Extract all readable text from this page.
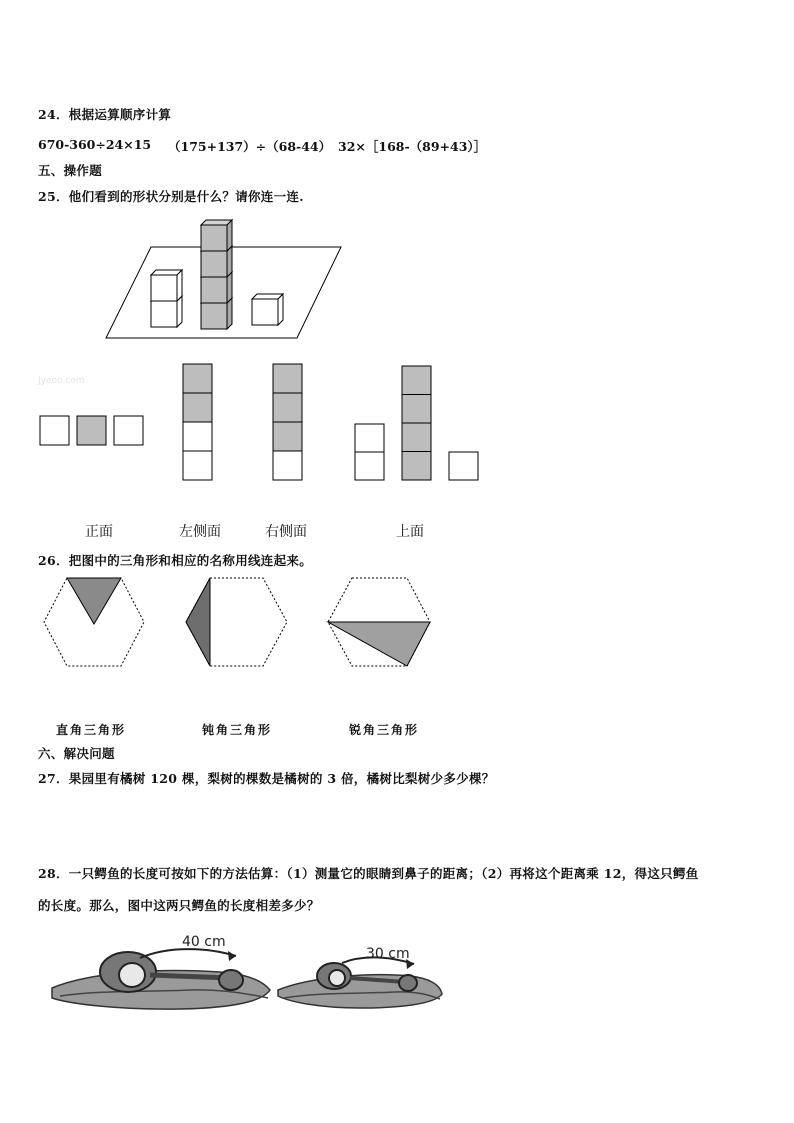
24．根据运算顺序计算
670-360÷24×15 （175+137）÷（68-44） 32×［168-（89+43）］
五、操作题
25．他们看到的形状分别是什么？请你连一连.
Jyeoo.com
正面	左侧面	右侧面	上面
26．把图中的三角形和相应的名称用线连起来。
直角三角形	钝角三角形	锐角三角形
六、解决问题
27．果园里有橘树 120 棵，梨树的棵数是橘树的 3 倍，橘树比梨树少多少棵？
28．一只鳄鱼的长度可按如下的方法估算：（1）测量它的眼睛到鼻子的距离；（2）再将这个距离乘 12，得这只鳄鱼
的长度。那么，图中这两只鳄鱼的长度相差多少？
40 cm
30 cm
